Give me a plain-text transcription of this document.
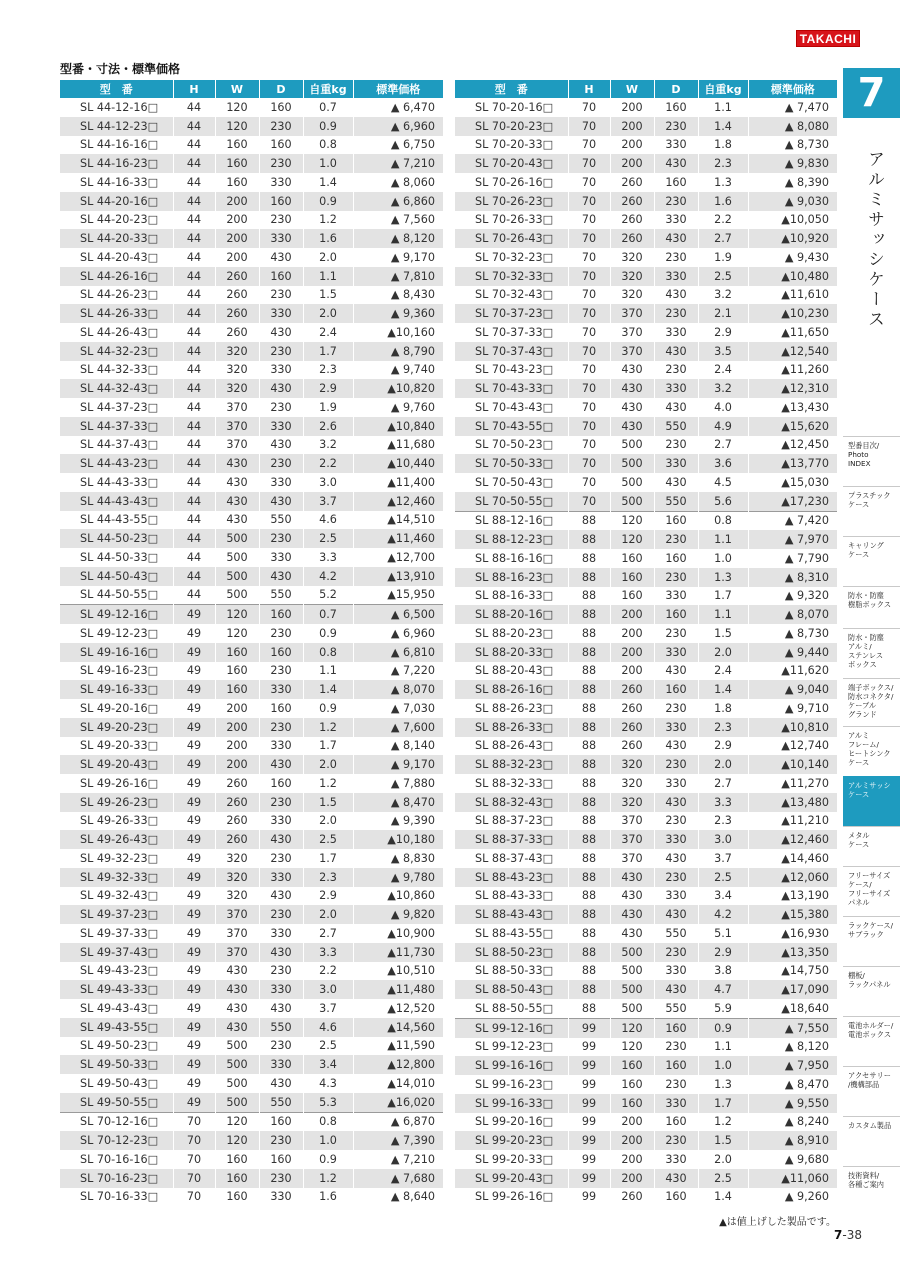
TAKACHI
型番・寸法・標準価格
型　番	H	W	D	自重kg	標準価格
SL 44-12-16□	44	120	160	0.7	▲ 6,470
SL 44-12-23□	44	120	230	0.9	▲ 6,960
SL 44-16-16□	44	160	160	0.8	▲ 6,750
SL 44-16-23□	44	160	230	1.0	▲ 7,210
SL 44-16-33□	44	160	330	1.4	▲ 8,060
SL 44-20-16□	44	200	160	0.9	▲ 6,860
SL 44-20-23□	44	200	230	1.2	▲ 7,560
SL 44-20-33□	44	200	330	1.6	▲ 8,120
SL 44-20-43□	44	200	430	2.0	▲ 9,170
SL 44-26-16□	44	260	160	1.1	▲ 7,810
SL 44-26-23□	44	260	230	1.5	▲ 8,430
SL 44-26-33□	44	260	330	2.0	▲ 9,360
SL 44-26-43□	44	260	430	2.4	▲10,160
SL 44-32-23□	44	320	230	1.7	▲ 8,790
SL 44-32-33□	44	320	330	2.3	▲ 9,740
SL 44-32-43□	44	320	430	2.9	▲10,820
SL 44-37-23□	44	370	230	1.9	▲ 9,760
SL 44-37-33□	44	370	330	2.6	▲10,840
SL 44-37-43□	44	370	430	3.2	▲11,680
SL 44-43-23□	44	430	230	2.2	▲10,440
SL 44-43-33□	44	430	330	3.0	▲11,400
SL 44-43-43□	44	430	430	3.7	▲12,460
SL 44-43-55□	44	430	550	4.6	▲14,510
SL 44-50-23□	44	500	230	2.5	▲11,460
SL 44-50-33□	44	500	330	3.3	▲12,700
SL 44-50-43□	44	500	430	4.2	▲13,910
SL 44-50-55□	44	500	550	5.2	▲15,950
SL 49-12-16□	49	120	160	0.7	▲ 6,500
SL 49-12-23□	49	120	230	0.9	▲ 6,960
SL 49-16-16□	49	160	160	0.8	▲ 6,810
SL 49-16-23□	49	160	230	1.1	▲ 7,220
SL 49-16-33□	49	160	330	1.4	▲ 8,070
SL 49-20-16□	49	200	160	0.9	▲ 7,030
SL 49-20-23□	49	200	230	1.2	▲ 7,600
SL 49-20-33□	49	200	330	1.7	▲ 8,140
SL 49-20-43□	49	200	430	2.0	▲ 9,170
SL 49-26-16□	49	260	160	1.2	▲ 7,880
SL 49-26-23□	49	260	230	1.5	▲ 8,470
SL 49-26-33□	49	260	330	2.0	▲ 9,390
SL 49-26-43□	49	260	430	2.5	▲10,180
SL 49-32-23□	49	320	230	1.7	▲ 8,830
SL 49-32-33□	49	320	330	2.3	▲ 9,780
SL 49-32-43□	49	320	430	2.9	▲10,860
SL 49-37-23□	49	370	230	2.0	▲ 9,820
SL 49-37-33□	49	370	330	2.7	▲10,900
SL 49-37-43□	49	370	430	3.3	▲11,730
SL 49-43-23□	49	430	230	2.2	▲10,510
SL 49-43-33□	49	430	330	3.0	▲11,480
SL 49-43-43□	49	430	430	3.7	▲12,520
SL 49-43-55□	49	430	550	4.6	▲14,560
SL 49-50-23□	49	500	230	2.5	▲11,590
SL 49-50-33□	49	500	330	3.4	▲12,800
SL 49-50-43□	49	500	430	4.3	▲14,010
SL 49-50-55□	49	500	550	5.3	▲16,020
SL 70-12-16□	70	120	160	0.8	▲ 6,870
SL 70-12-23□	70	120	230	1.0	▲ 7,390
SL 70-16-16□	70	160	160	0.9	▲ 7,210
SL 70-16-23□	70	160	230	1.2	▲ 7,680
SL 70-16-33□	70	160	330	1.6	▲ 8,640
型　番	H	W	D	自重kg	標準価格
SL 70-20-16□	70	200	160	1.1	▲ 7,470
SL 70-20-23□	70	200	230	1.4	▲ 8,080
SL 70-20-33□	70	200	330	1.8	▲ 8,730
SL 70-20-43□	70	200	430	2.3	▲ 9,830
SL 70-26-16□	70	260	160	1.3	▲ 8,390
SL 70-26-23□	70	260	230	1.6	▲ 9,030
SL 70-26-33□	70	260	330	2.2	▲10,050
SL 70-26-43□	70	260	430	2.7	▲10,920
SL 70-32-23□	70	320	230	1.9	▲ 9,430
SL 70-32-33□	70	320	330	2.5	▲10,480
SL 70-32-43□	70	320	430	3.2	▲11,610
SL 70-37-23□	70	370	230	2.1	▲10,230
SL 70-37-33□	70	370	330	2.9	▲11,650
SL 70-37-43□	70	370	430	3.5	▲12,540
SL 70-43-23□	70	430	230	2.4	▲11,260
SL 70-43-33□	70	430	330	3.2	▲12,310
SL 70-43-43□	70	430	430	4.0	▲13,430
SL 70-43-55□	70	430	550	4.9	▲15,620
SL 70-50-23□	70	500	230	2.7	▲12,450
SL 70-50-33□	70	500	330	3.6	▲13,770
SL 70-50-43□	70	500	430	4.5	▲15,030
SL 70-50-55□	70	500	550	5.6	▲17,230
SL 88-12-16□	88	120	160	0.8	▲ 7,420
SL 88-12-23□	88	120	230	1.1	▲ 7,970
SL 88-16-16□	88	160	160	1.0	▲ 7,790
SL 88-16-23□	88	160	230	1.3	▲ 8,310
SL 88-16-33□	88	160	330	1.7	▲ 9,320
SL 88-20-16□	88	200	160	1.1	▲ 8,070
SL 88-20-23□	88	200	230	1.5	▲ 8,730
SL 88-20-33□	88	200	330	2.0	▲ 9,440
SL 88-20-43□	88	200	430	2.4	▲11,620
SL 88-26-16□	88	260	160	1.4	▲ 9,040
SL 88-26-23□	88	260	230	1.8	▲ 9,710
SL 88-26-33□	88	260	330	2.3	▲10,810
SL 88-26-43□	88	260	430	2.9	▲12,740
SL 88-32-23□	88	320	230	2.0	▲10,140
SL 88-32-33□	88	320	330	2.7	▲11,270
SL 88-32-43□	88	320	430	3.3	▲13,480
SL 88-37-23□	88	370	230	2.3	▲11,210
SL 88-37-33□	88	370	330	3.0	▲12,460
SL 88-37-43□	88	370	430	3.7	▲14,460
SL 88-43-23□	88	430	230	2.5	▲12,060
SL 88-43-33□	88	430	330	3.4	▲13,190
SL 88-43-43□	88	430	430	4.2	▲15,380
SL 88-43-55□	88	430	550	5.1	▲16,930
SL 88-50-23□	88	500	230	2.9	▲13,350
SL 88-50-33□	88	500	330	3.8	▲14,750
SL 88-50-43□	88	500	430	4.7	▲17,090
SL 88-50-55□	88	500	550	5.9	▲18,640
SL 99-12-16□	99	120	160	0.9	▲ 7,550
SL 99-12-23□	99	120	230	1.1	▲ 8,120
SL 99-16-16□	99	160	160	1.0	▲ 7,950
SL 99-16-23□	99	160	230	1.3	▲ 8,470
SL 99-16-33□	99	160	330	1.7	▲ 9,550
SL 99-20-16□	99	200	160	1.2	▲ 8,240
SL 99-20-23□	99	200	230	1.5	▲ 8,910
SL 99-20-33□	99	200	330	2.0	▲ 9,680
SL 99-20-43□	99	200	430	2.5	▲11,060
SL 99-26-16□	99	260	160	1.4	▲ 9,260
▲は値上げした製品です。
7-38
7
アルミサッシケース
型番目次/
Photo
INDEX
プラスチック
ケース
キャリング
ケース
防水・防塵
樹脂ボックス
防水・防塵
アルミ/
ステンレス
ボックス
端子ボックス/
防水コネクタ/
ケーブル
グランド
アルミ
フレーム/
ヒートシンク
ケース
アルミサッシ
ケース
メタル
ケース
フリーサイズ
ケース/
フリーサイズ
パネル
ラックケース/
サブラック
棚板/
ラックパネル
電池ホルダー/
電池ボックス
アクセサリー
/機構部品
カスタム製品
技術資料/
各種ご案内
